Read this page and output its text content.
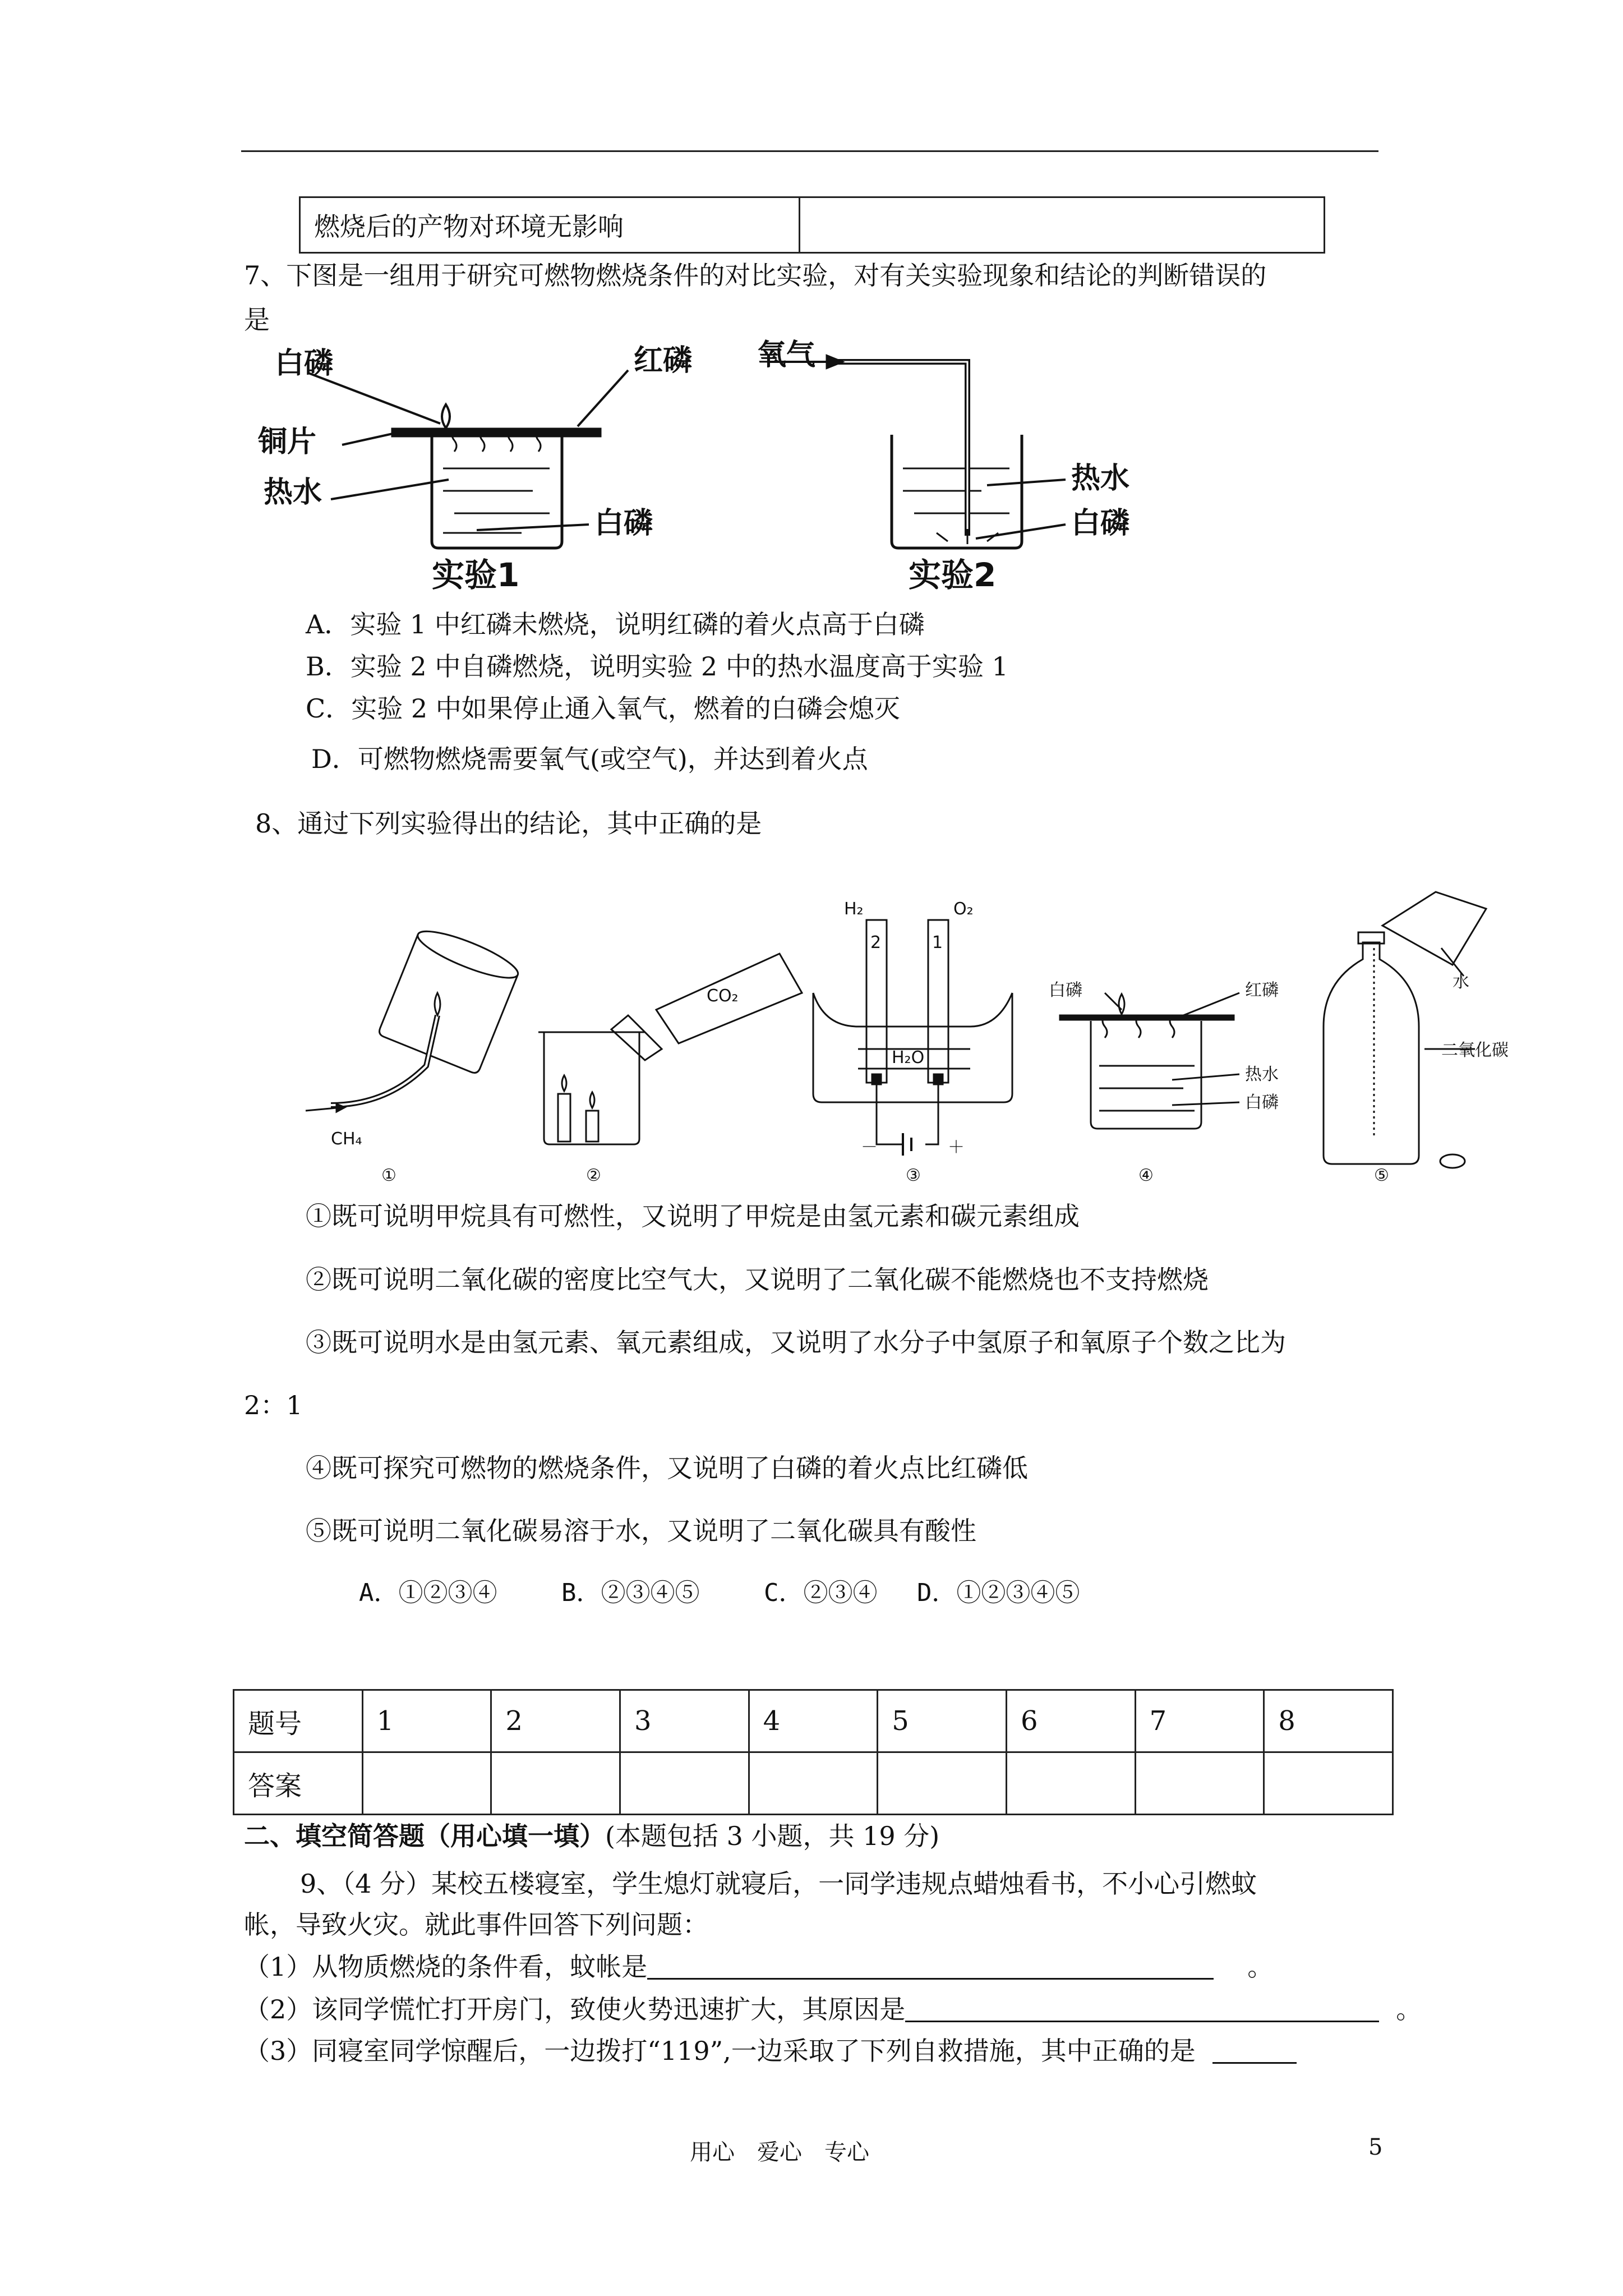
燃烧后的产物对环境无影响	
7、下图是一组用于研究可燃物燃烧条件的对比实验，对有关实验现象和结论的判断错误的
是
白磷	红磷
铜片
热水
白磷
实验1
氧气
热水
白磷
实验2
A．实验 1 中红磷未燃烧，说明红磷的着火点高于白磷
B．实验 2 中自磷燃烧，说明实验 2 中的热水温度高于实验 1
C．实验 2 中如果停止通入氧气，燃着的白磷会熄灭
D．可燃物燃烧需要氧气(或空气)，并达到着火点
8、通过下列实验得出的结论，其中正确的是
CH₄
CO₂
H₂	O₂
2	1
H₂O
－	＋
白磷	红磷
热水
白磷
水
二氧化碳
①	②	③	④	⑤
①既可说明甲烷具有可燃性，又说明了甲烷是由氢元素和碳元素组成
②既可说明二氧化碳的密度比空气大，又说明了二氧化碳不能燃烧也不支持燃烧
③既可说明水是由氢元素、氧元素组成，又说明了水分子中氢原子和氧原子个数之比为
2：1
④既可探究可燃物的燃烧条件，又说明了白磷的着火点比红磷低
⑤既可说明二氧化碳易溶于水，又说明了二氧化碳具有酸性
A．①②③④　　 B．②③④⑤　　 C．②③④　 D．①②③④⑤
题号	1	2	3	4	5	6	7	8
答案								
二、填空简答题（用心填一填）(本题包括 3 小题，共 19 分)
9、（4 分）某校五楼寝室，学生熄灯就寝后，一同学违规点蜡烛看书，不小心引燃蚊
帐，导致火灾。就此事件回答下列问题：
（1）从物质燃烧的条件看，蚊帐是	。
（2）该同学慌忙打开房门，致使火势迅速扩大，其原因是	。
（3）同寝室同学惊醒后，一边拨打“119”,一边采取了下列自救措施，其中正确的是
用心　爱心　专心	5
